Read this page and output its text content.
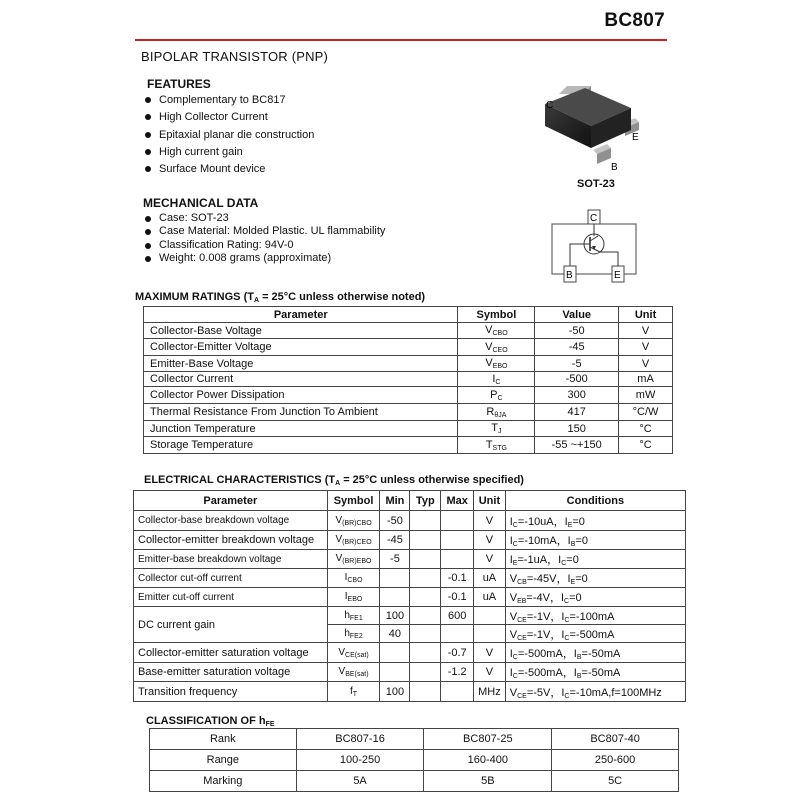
BC807
BIPOLAR TRANSISTOR (PNP)
FEATURES
Complementary to BC817
High Collector Current
Epitaxial planar die construction
High current gain
Surface Mount device
C
E
B
SOT-23
MECHANICAL DATA
Case: SOT-23
Case Material: Molded Plastic. UL flammability
Classification Rating: 94V-0
Weight: 0.008 grams (approximate)
C
B	E
MAXIMUM RATINGS ($T_A = 25^\circ C$ unless otherwise noted)
Parameter	Symbol	Value	Unit
Collector-Base Voltage	$V_{CBO}$	-50	V
Collector-Emitter Voltage	$V_{CEO}$	-45	V
Emitter-Base Voltage	$V_{EBO}$	-5	V
Collector Current	$I_C$	-500	mA
Collector Power Dissipation	$P_C$	300	mW
Thermal Resistance From Junction To Ambient	$R_{\theta JA}$	417	°C/W
Junction Temperature	$T_J$	150	°C
Storage Temperature	$T_{STG}$	-55 ~+150	°C
ELECTRICAL CHARACTERISTICS ($T_A = 25^\circ C$ unless otherwise specified)
Parameter	Symbol	Min	Typ	Max	Unit	Conditions
Collector-base breakdown voltage	$V_{(BR)CBO}$	-50			V	$I_C=-10uA$，$I_E=0$
Collector-emitter breakdown voltage	$V_{(BR)CEO}$	-45			V	$I_C=-10mA$，$I_B=0$
Emitter-base breakdown voltage	$V_{(BR)EBO}$	-5			V	$I_E=-1uA$，$I_C=0$
Collector cut-off current	$I_{CBO}$			-0.1	uA	$V_{CB}=-45V$，$I_E=0$
Emitter cut-off current	$I_{EBO}$			-0.1	uA	$V_{EB}=-4V$，$I_C=0$
DC current gain	$h_{FE1}$	100		600		$V_{CE}=-1V$，$I_C=-100mA$
	$h_{FE2}$	40				$V_{CE}=-1V$，$I_C=-500mA$
Collector-emitter saturation voltage	$V_{CE(sat)}$			-0.7	V	$I_C=-500mA$，$I_B=-50mA$
Base-emitter saturation voltage	$V_{BE(sat)}$			-1.2	V	$I_C=-500mA$，$I_B=-50mA$
Transition frequency	$f_T$	100			MHz	$V_{CE}=-5V$，$I_C=-10mA,f=100MHz$
CLASSIFICATION OF $h_{FE}$
Rank	BC807-16	BC807-25	BC807-40
Range	100-250	160-400	250-600
Marking	5A	5B	5C
